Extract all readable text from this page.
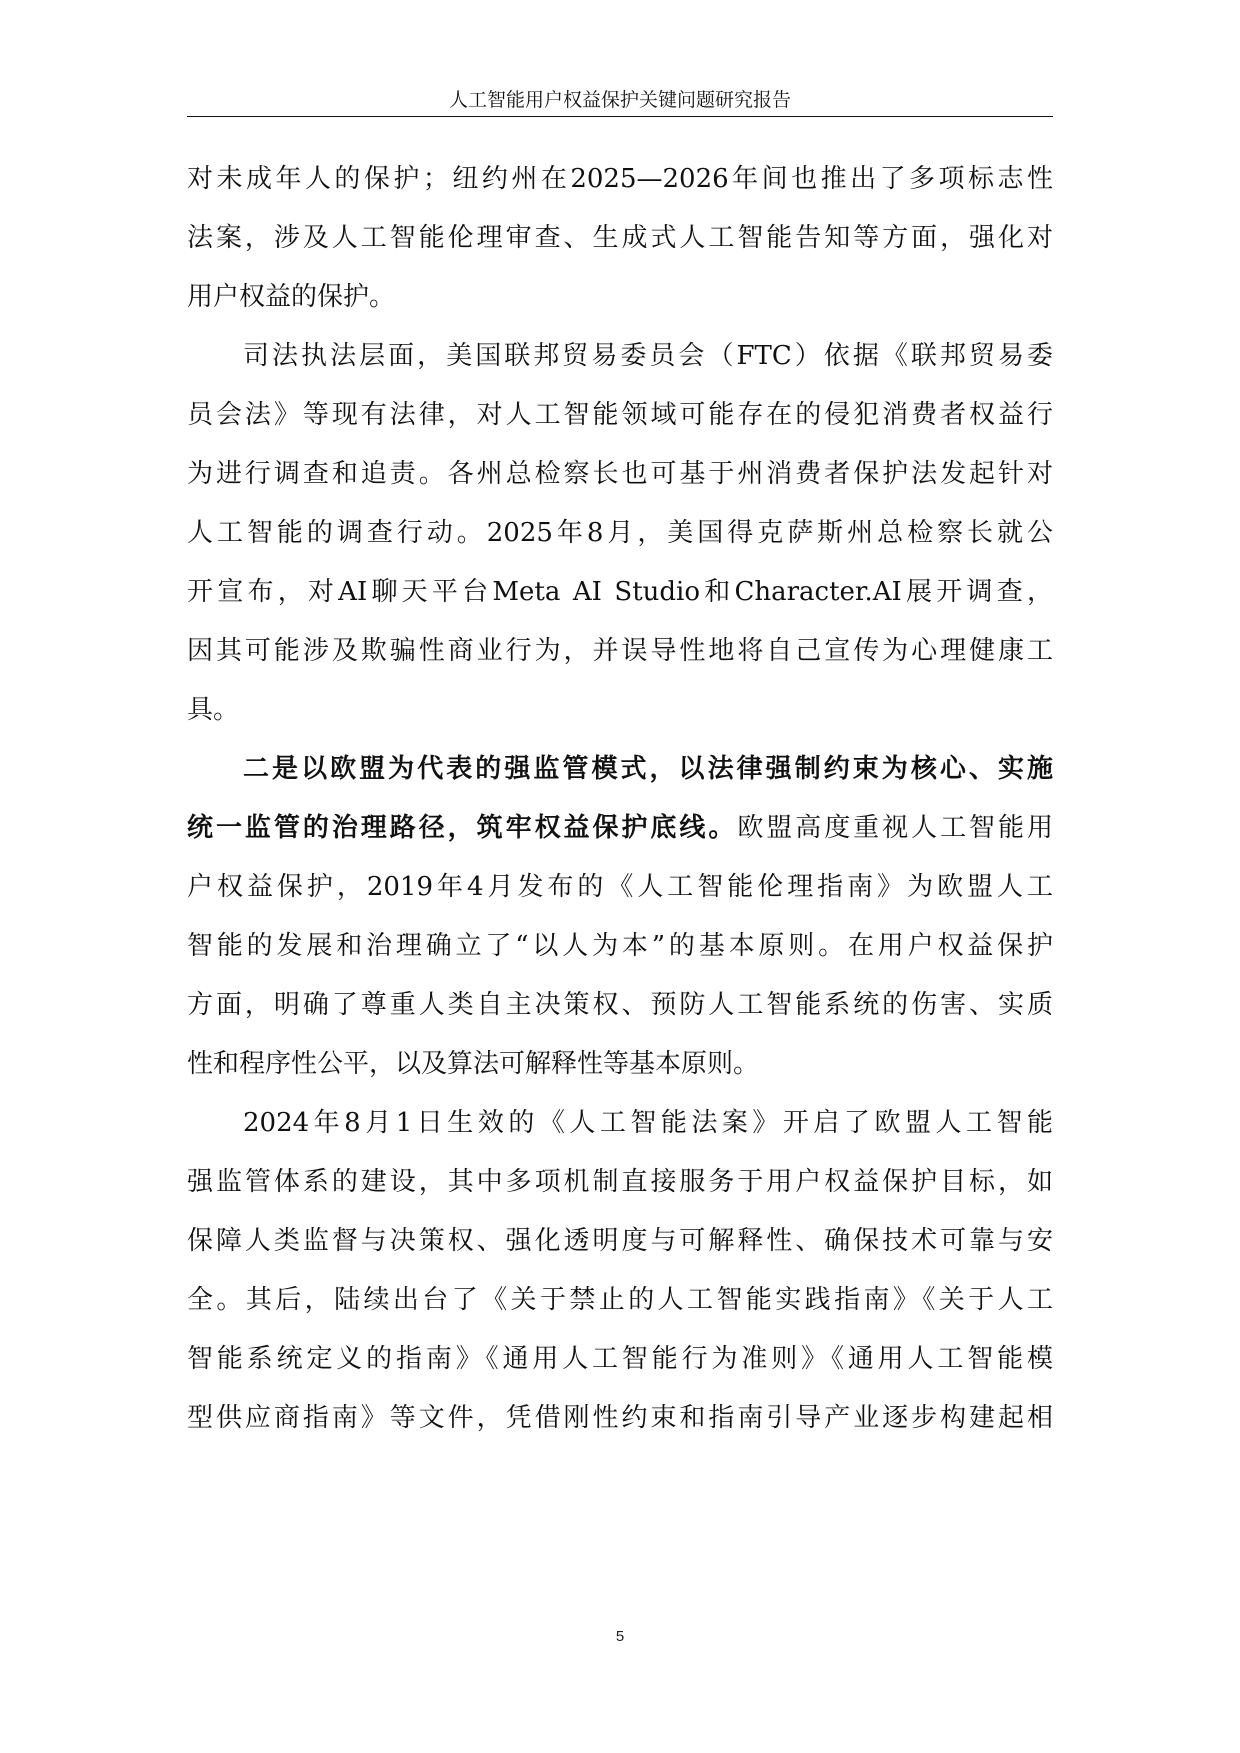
人工智能用户权益保护关键问题研究报告
对未成年人的保护；纽约州在2025—2026年间也推出了多项标志性
法案，涉及人工智能伦理审查、生成式人工智能告知等方面，强化对
用户权益的保护。
司法执法层面，美国联邦贸易委员会（FTC）依据《联邦贸易委
员会法》等现有法律，对人工智能领域可能存在的侵犯消费者权益行
为进行调查和追责。各州总检察长也可基于州消费者保护法发起针对
人工智能的调查行动。2025年8月，美国得克萨斯州总检察长就公
开宣布，对AI聊天平台Meta AI Studio和Character.AI展开调查，
因其可能涉及欺骗性商业行为，并误导性地将自己宣传为心理健康工
具。
二是以欧盟为代表的强监管模式，以法律强制约束为核心、实施
统一监管的治理路径，筑牢权益保护底线。欧盟高度重视人工智能用
户权益保护，2019年4月发布的《人工智能伦理指南》为欧盟人工
智能的发展和治理确立了“以人为本”的基本原则。在用户权益保护
方面，明确了尊重人类自主决策权、预防人工智能系统的伤害、实质
性和程序性公平，以及算法可解释性等基本原则。
2024年8月1日生效的《人工智能法案》开启了欧盟人工智能
强监管体系的建设，其中多项机制直接服务于用户权益保护目标，如
保障人类监督与决策权、强化透明度与可解释性、确保技术可靠与安
全。其后，陆续出台了《关于禁止的人工智能实践指南》《关于人工
智能系统定义的指南》《通用人工智能行为准则》《通用人工智能模
型供应商指南》等文件，凭借刚性约束和指南引导产业逐步构建起相
5
